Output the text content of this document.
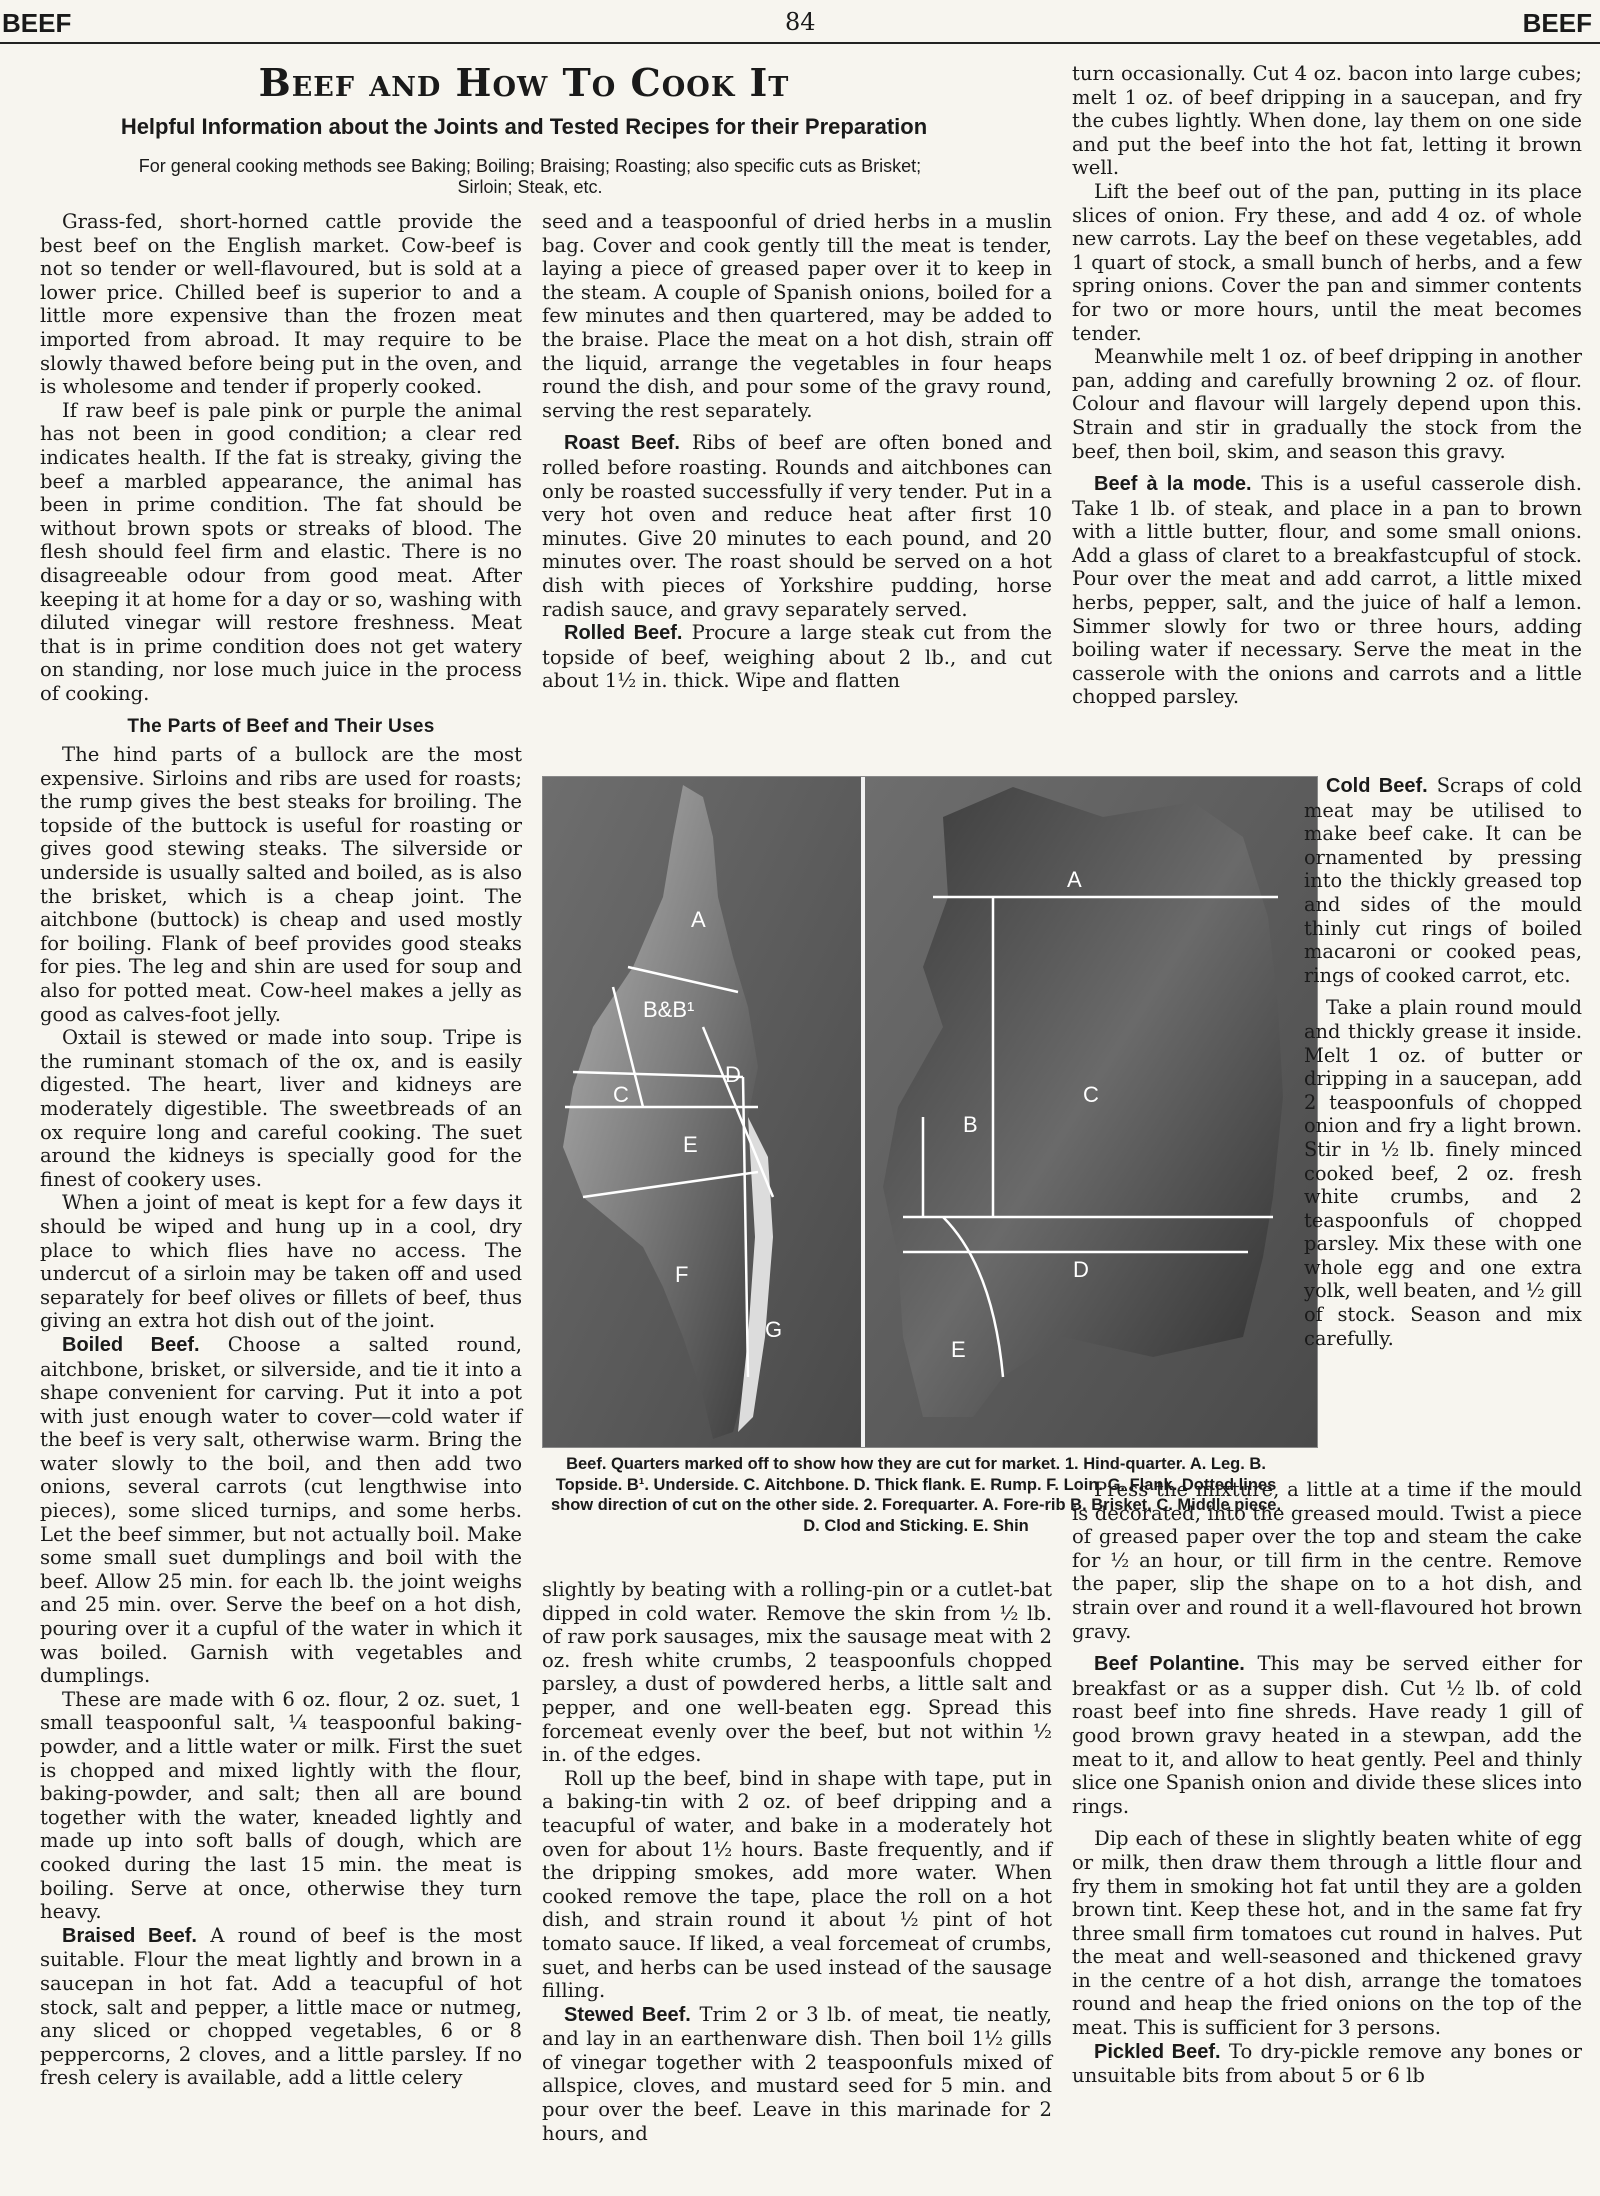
BEEF	84	BEEF
Beef and How To Cook It
Helpful Information about the Joints and Tested Recipes for their Preparation
For general cooking methods see Baking; Boiling; Braising; Roasting; also specific cuts as Brisket; Sirloin; Steak, etc.

Grass-fed, short-horned cattle provide the best beef on the English market. Cow-beef is not so tender or well-flavoured, but is sold at a lower price. Chilled beef is superior to and a little more expensive than the frozen meat imported from abroad. It may require to be slowly thawed before being put in the oven, and is wholesome and tender if properly cooked.

If raw beef is pale pink or purple the animal has not been in good condition; a clear red indicates health. If the fat is streaky, giving the beef a marbled appearance, the animal has been in prime condition. The fat should be without brown spots or streaks of blood. The flesh should feel firm and elastic. There is no disagreeable odour from good meat. After keeping it at home for a day or so, washing with diluted vinegar will restore freshness. Meat that is in prime condition does not get watery on standing, nor lose much juice in the process of cooking.

The Parts of Beef and Their Uses

The hind parts of a bullock are the most expensive. Sirloins and ribs are used for roasts; the rump gives the best steaks for broiling. The topside of the buttock is useful for roasting or gives good stewing steaks. The silverside or underside is usually salted and boiled, as is also the brisket, which is a cheap joint. The aitchbone (buttock) is cheap and used mostly for boiling. Flank of beef provides good steaks for pies. The leg and shin are used for soup and also for potted meat. Cow-heel makes a jelly as good as calves-foot jelly.

Oxtail is stewed or made into soup. Tripe is the ruminant stomach of the ox, and is easily digested. The heart, liver and kidneys are moderately digestible. The sweetbreads of an ox require long and careful cooking. The suet around the kidneys is specially good for the finest of cookery uses.

When a joint of meat is kept for a few days it should be wiped and hung up in a cool, dry place to which flies have no access. The undercut of a sirloin may be taken off and used separately for beef olives or fillets of beef, thus giving an extra hot dish out of the joint.

Boiled Beef. Choose a salted round, aitchbone, brisket, or silverside, and tie it into a shape convenient for carving. Put it into a pot with just enough water to cover—cold water if the beef is very salt, otherwise warm. Bring the water slowly to the boil, and then add two onions, several carrots (cut lengthwise into pieces), some sliced turnips, and some herbs. Let the beef simmer, but not actually boil. Make some small suet dumplings and boil with the beef. Allow 25 min. for each lb. the joint weighs and 25 min. over. Serve the beef on a hot dish, pouring over it a cupful of the water in which it was boiled. Garnish with vegetables and dumplings.

These are made with 6 oz. flour, 2 oz. suet, 1 small teaspoonful salt, ¼ teaspoonful baking-powder, and a little water or milk. First the suet is chopped and mixed lightly with the flour, baking-powder, and salt; then all are bound together with the water, kneaded lightly and made up into soft balls of dough, which are cooked during the last 15 min. the meat is boiling. Serve at once, otherwise they turn heavy.

Braised Beef. A round of beef is the most suitable. Flour the meat lightly and brown in a saucepan in hot fat. Add a teacupful of hot stock, salt and pepper, a little mace or nutmeg, any sliced or chopped vegetables, 6 or 8 peppercorns, 2 cloves, and a little parsley. If no fresh celery is available, add a little celery

seed and a teaspoonful of dried herbs in a muslin bag. Cover and cook gently till the meat is tender, laying a piece of greased paper over it to keep in the steam. A couple of Spanish onions, boiled for a few minutes and then quartered, may be added to the braise. Place the meat on a hot dish, strain off the liquid, arrange the vegetables in four heaps round the dish, and pour some of the gravy round, serving the rest separately.

Roast Beef. Ribs of beef are often boned and rolled before roasting. Rounds and aitchbones can only be roasted successfully if very tender. Put in a very hot oven and reduce heat after first 10 minutes. Give 20 minutes to each pound, and 20 minutes over. The roast should be served on a hot dish with pieces of Yorkshire pudding, horse radish sauce, and gravy separately served.

Rolled Beef. Procure a large steak cut from the topside of beef, weighing about 2 lb., and cut about 1½ in. thick. Wipe and flatten

turn occasionally. Cut 4 oz. bacon into large cubes; melt 1 oz. of beef dripping in a saucepan, and fry the cubes lightly. When done, lay them on one side and put the beef into the hot fat, letting it brown well.

Lift the beef out of the pan, putting in its place slices of onion. Fry these, and add 4 oz. of whole new carrots. Lay the beef on these vegetables, add 1 quart of stock, a small bunch of herbs, and a few spring onions. Cover the pan and simmer contents for two or more hours, until the meat becomes tender.

Meanwhile melt 1 oz. of beef dripping in another pan, adding and carefully browning 2 oz. of flour. Colour and flavour will largely depend upon this. Strain and stir in gradually the stock from the beef, then boil, skim, and season this gravy.

Beef à la mode. This is a useful casserole dish. Take 1 lb. of steak, and place in a pan to brown with a little butter, flour, and some small onions. Add a glass of claret to a breakfastcupful of stock. Pour over the meat and add carrot, a little mixed herbs, pepper, salt, and the juice of half a lemon. Simmer slowly for two or three hours, adding boiling water if necessary. Serve the meat in the casserole with the onions and carrots and a little chopped parsley.

A
B&B¹
C
D
E
F
G
A
B
C
D
E
Beef. Quarters marked off to show how they are cut for market. 1. Hind-quarter. A. Leg. B. Topside. B¹. Underside. C. Aitchbone. D. Thick flank. E. Rump. F. Loin. G. Flank. Dotted lines show direction of cut on the other side. 2. Forequarter. A. Fore-rib B. Brisket. C. Middle piece. D. Clod and Sticking. E. Shin

Cold Beef. Scraps of cold meat may be utilised to make beef cake. It can be ornamented by pressing into the thickly greased top and sides of the mould thinly cut rings of boiled macaroni or cooked peas, rings of cooked carrot, etc.

Take a plain round mould and thickly grease it inside. Melt 1 oz. of butter or dripping in a saucepan, add 2 teaspoonfuls of chopped onion and fry a light brown. Stir in ½ lb. finely minced cooked beef, 2 oz. fresh white crumbs, and 2 teaspoonfuls of chopped parsley. Mix these with one whole egg and one extra yolk, well beaten, and ½ gill of stock. Season and mix carefully.

slightly by beating with a rolling-pin or a cutlet-bat dipped in cold water. Remove the skin from ½ lb. of raw pork sausages, mix the sausage meat with 2 oz. fresh white crumbs, 2 teaspoonfuls chopped parsley, a dust of powdered herbs, a little salt and pepper, and one well-beaten egg. Spread this forcemeat evenly over the beef, but not within ½ in. of the edges.

Roll up the beef, bind in shape with tape, put in a baking-tin with 2 oz. of beef dripping and a teacupful of water, and bake in a moderately hot oven for about 1½ hours. Baste frequently, and if the dripping smokes, add more water. When cooked remove the tape, place the roll on a hot dish, and strain round it about ½ pint of hot tomato sauce. If liked, a veal forcemeat of crumbs, suet, and herbs can be used instead of the sausage filling.

Stewed Beef. Trim 2 or 3 lb. of meat, tie neatly, and lay in an earthenware dish. Then boil 1½ gills of vinegar together with 2 teaspoonfuls mixed of allspice, cloves, and mustard seed for 5 min. and pour over the beef. Leave in this marinade for 2 hours, and

Press the mixture, a little at a time if the mould is decorated, into the greased mould. Twist a piece of greased paper over the top and steam the cake for ½ an hour, or till firm in the centre. Remove the paper, slip the shape on to a hot dish, and strain over and round it a well-flavoured hot brown gravy.

Beef Polantine. This may be served either for breakfast or as a supper dish. Cut ½ lb. of cold roast beef into fine shreds. Have ready 1 gill of good brown gravy heated in a stewpan, add the meat to it, and allow to heat gently. Peel and thinly slice one Spanish onion and divide these slices into rings.

Dip each of these in slightly beaten white of egg or milk, then draw them through a little flour and fry them in smoking hot fat until they are a golden brown tint. Keep these hot, and in the same fat fry three small firm tomatoes cut round in halves. Put the meat and well-seasoned and thickened gravy in the centre of a hot dish, arrange the tomatoes round and heap the fried onions on the top of the meat. This is sufficient for 3 persons.

Pickled Beef. To dry-pickle remove any bones or unsuitable bits from about 5 or 6 lb
